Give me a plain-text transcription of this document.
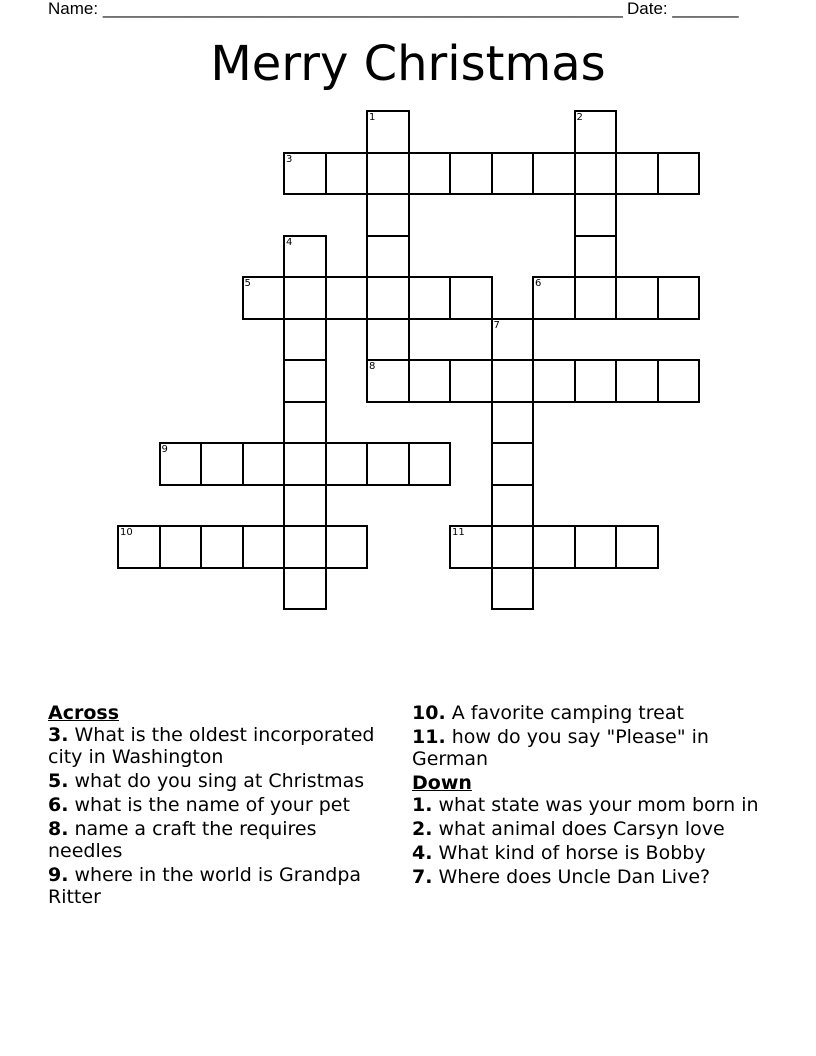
Name: _______________________________________________________ Date: _______
Merry Christmas
1	2
3
4
5	6
7
8
9
10	11
Across
3. What is the oldest incorporated city in Washington
5. what do you sing at Christmas
6. what is the name of your pet
8. name a craft the requires needles
9. where in the world is Grandpa Ritter
10. A favorite camping treat
11. how do you say "Please" in German
Down
1. what state was your mom born in
2. what animal does Carsyn love
4. What kind of horse is Bobby
7. Where does Uncle Dan Live?
